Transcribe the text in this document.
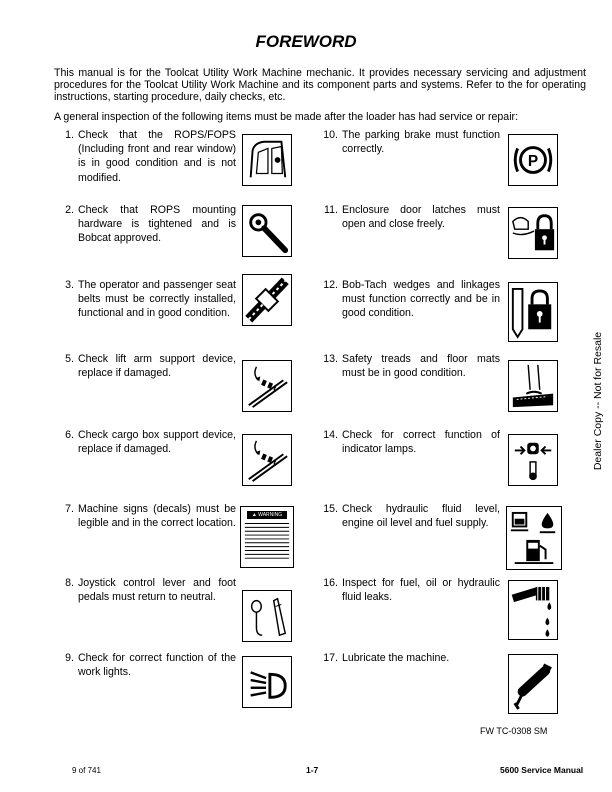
FOREWORD
This manual is for the Toolcat Utility Work Machine mechanic. It provides necessary servicing and adjustment procedures for the Toolcat Utility Work Machine and its component parts and systems. Refer to the for operating instructions, starting procedure, daily checks, etc.
A general inspection of the following items must be made after the loader has had service or repair:
1. Check that the ROPS/FOPS (Including front and rear window) is in good condition and is not modified.
2. Check that ROPS mounting hardware is tightened and is Bobcat approved.
3. The operator and passenger seat belts must be correctly installed, functional and in good condition.
5. Check lift arm support device, replace if damaged.
6. Check cargo box support device, replace if damaged.
7. Machine signs (decals) must be legible and in the correct location.
▲ WARNING
8. Joystick control lever and foot pedals must return to neutral.
9. Check for correct function of the work lights.
10. The parking brake must function correctly.
P
11. Enclosure door latches must open and close freely.
12. Bob-Tach wedges and linkages must function correctly and be in good condition.
13. Safety treads and floor mats must be in good condition.
14. Check for correct function of indicator lamps.
15. Check hydraulic fluid level, engine oil level and fuel supply.
16. Inspect for fuel, oil or hydraulic fluid leaks.
17. Lubricate the machine.
Dealer Copy -- Not for Resale
FW TC-0308 SM
9 of 741	1-7	5600 Service Manual
